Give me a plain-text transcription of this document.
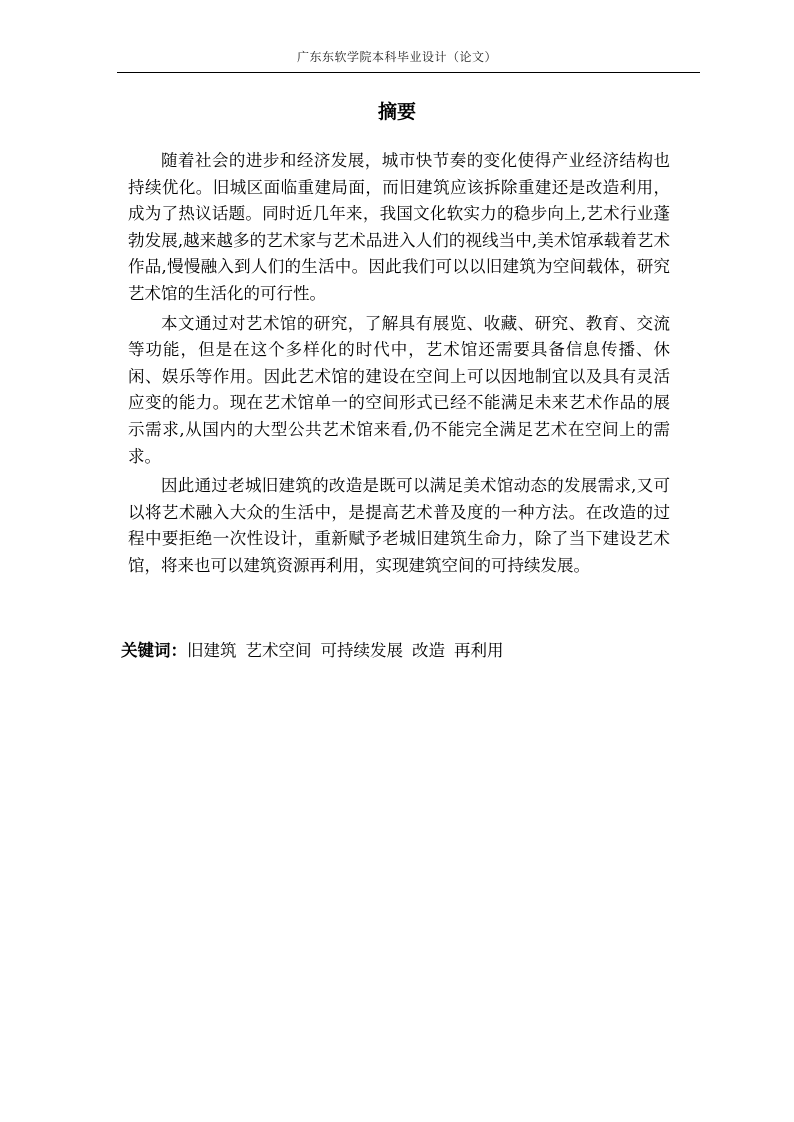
广东东软学院本科毕业设计（论文）
摘要

随着社会的进步和经济发展，城市快节奏的变化使得产业经济结构也持续优化。旧城区面临重建局面，而旧建筑应该拆除重建还是改造利用，成为了热议话题。同时近几年来，我国文化软实力的稳步向上,艺术行业蓬勃发展,越来越多的艺术家与艺术品进入人们的视线当中,美术馆承载着艺术作品,慢慢融入到人们的生活中。因此我们可以以旧建筑为空间载体，研究艺术馆的生活化的可行性。

本文通过对艺术馆的研究，了解具有展览、收藏、研究、教育、交流等功能，但是在这个多样化的时代中，艺术馆还需要具备信息传播、休闲、娱乐等作用。因此艺术馆的建设在空间上可以因地制宜以及具有灵活应变的能力。现在艺术馆单一的空间形式已经不能满足未来艺术作品的展示需求,从国内的大型公共艺术馆来看,仍不能完全满足艺术在空间上的需求。

因此通过老城旧建筑的改造是既可以满足美术馆动态的发展需求,又可以将艺术融入大众的生活中，是提高艺术普及度的一种方法。在改造的过程中要拒绝一次性设计，重新赋予老城旧建筑生命力，除了当下建设艺术馆，将来也可以建筑资源再利用，实现建筑空间的可持续发展。

关键词：旧建筑 艺术空间 可持续发展 改造 再利用
